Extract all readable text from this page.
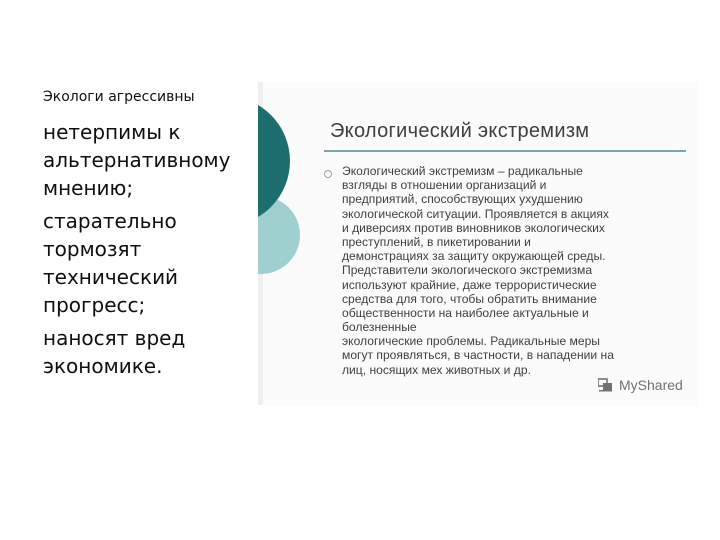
Экологи агрессивны
нетерпимы к
альтернативному
мнению;
старательно
тормозят
технический
прогресс;
наносят вред
экономике.
Экологический экстремизм
Экологический экстремизм – радикальные
взгляды в отношении организаций и
предприятий, способствующих ухудшению
экологической ситуации. Проявляется в акциях
и диверсиях против виновников экологических
преступлений, в пикетировании и
демонстрациях за защиту окружающей среды.
Представители экологического экстремизма
используют крайние, даже террористические
средства для того, чтобы обратить внимание
общественности на наиболее актуальные и
болезненные
экологические проблемы. Радикальные меры
могут проявляться, в частности, в нападении на
лиц, носящих мех животных и др.
MyShared
